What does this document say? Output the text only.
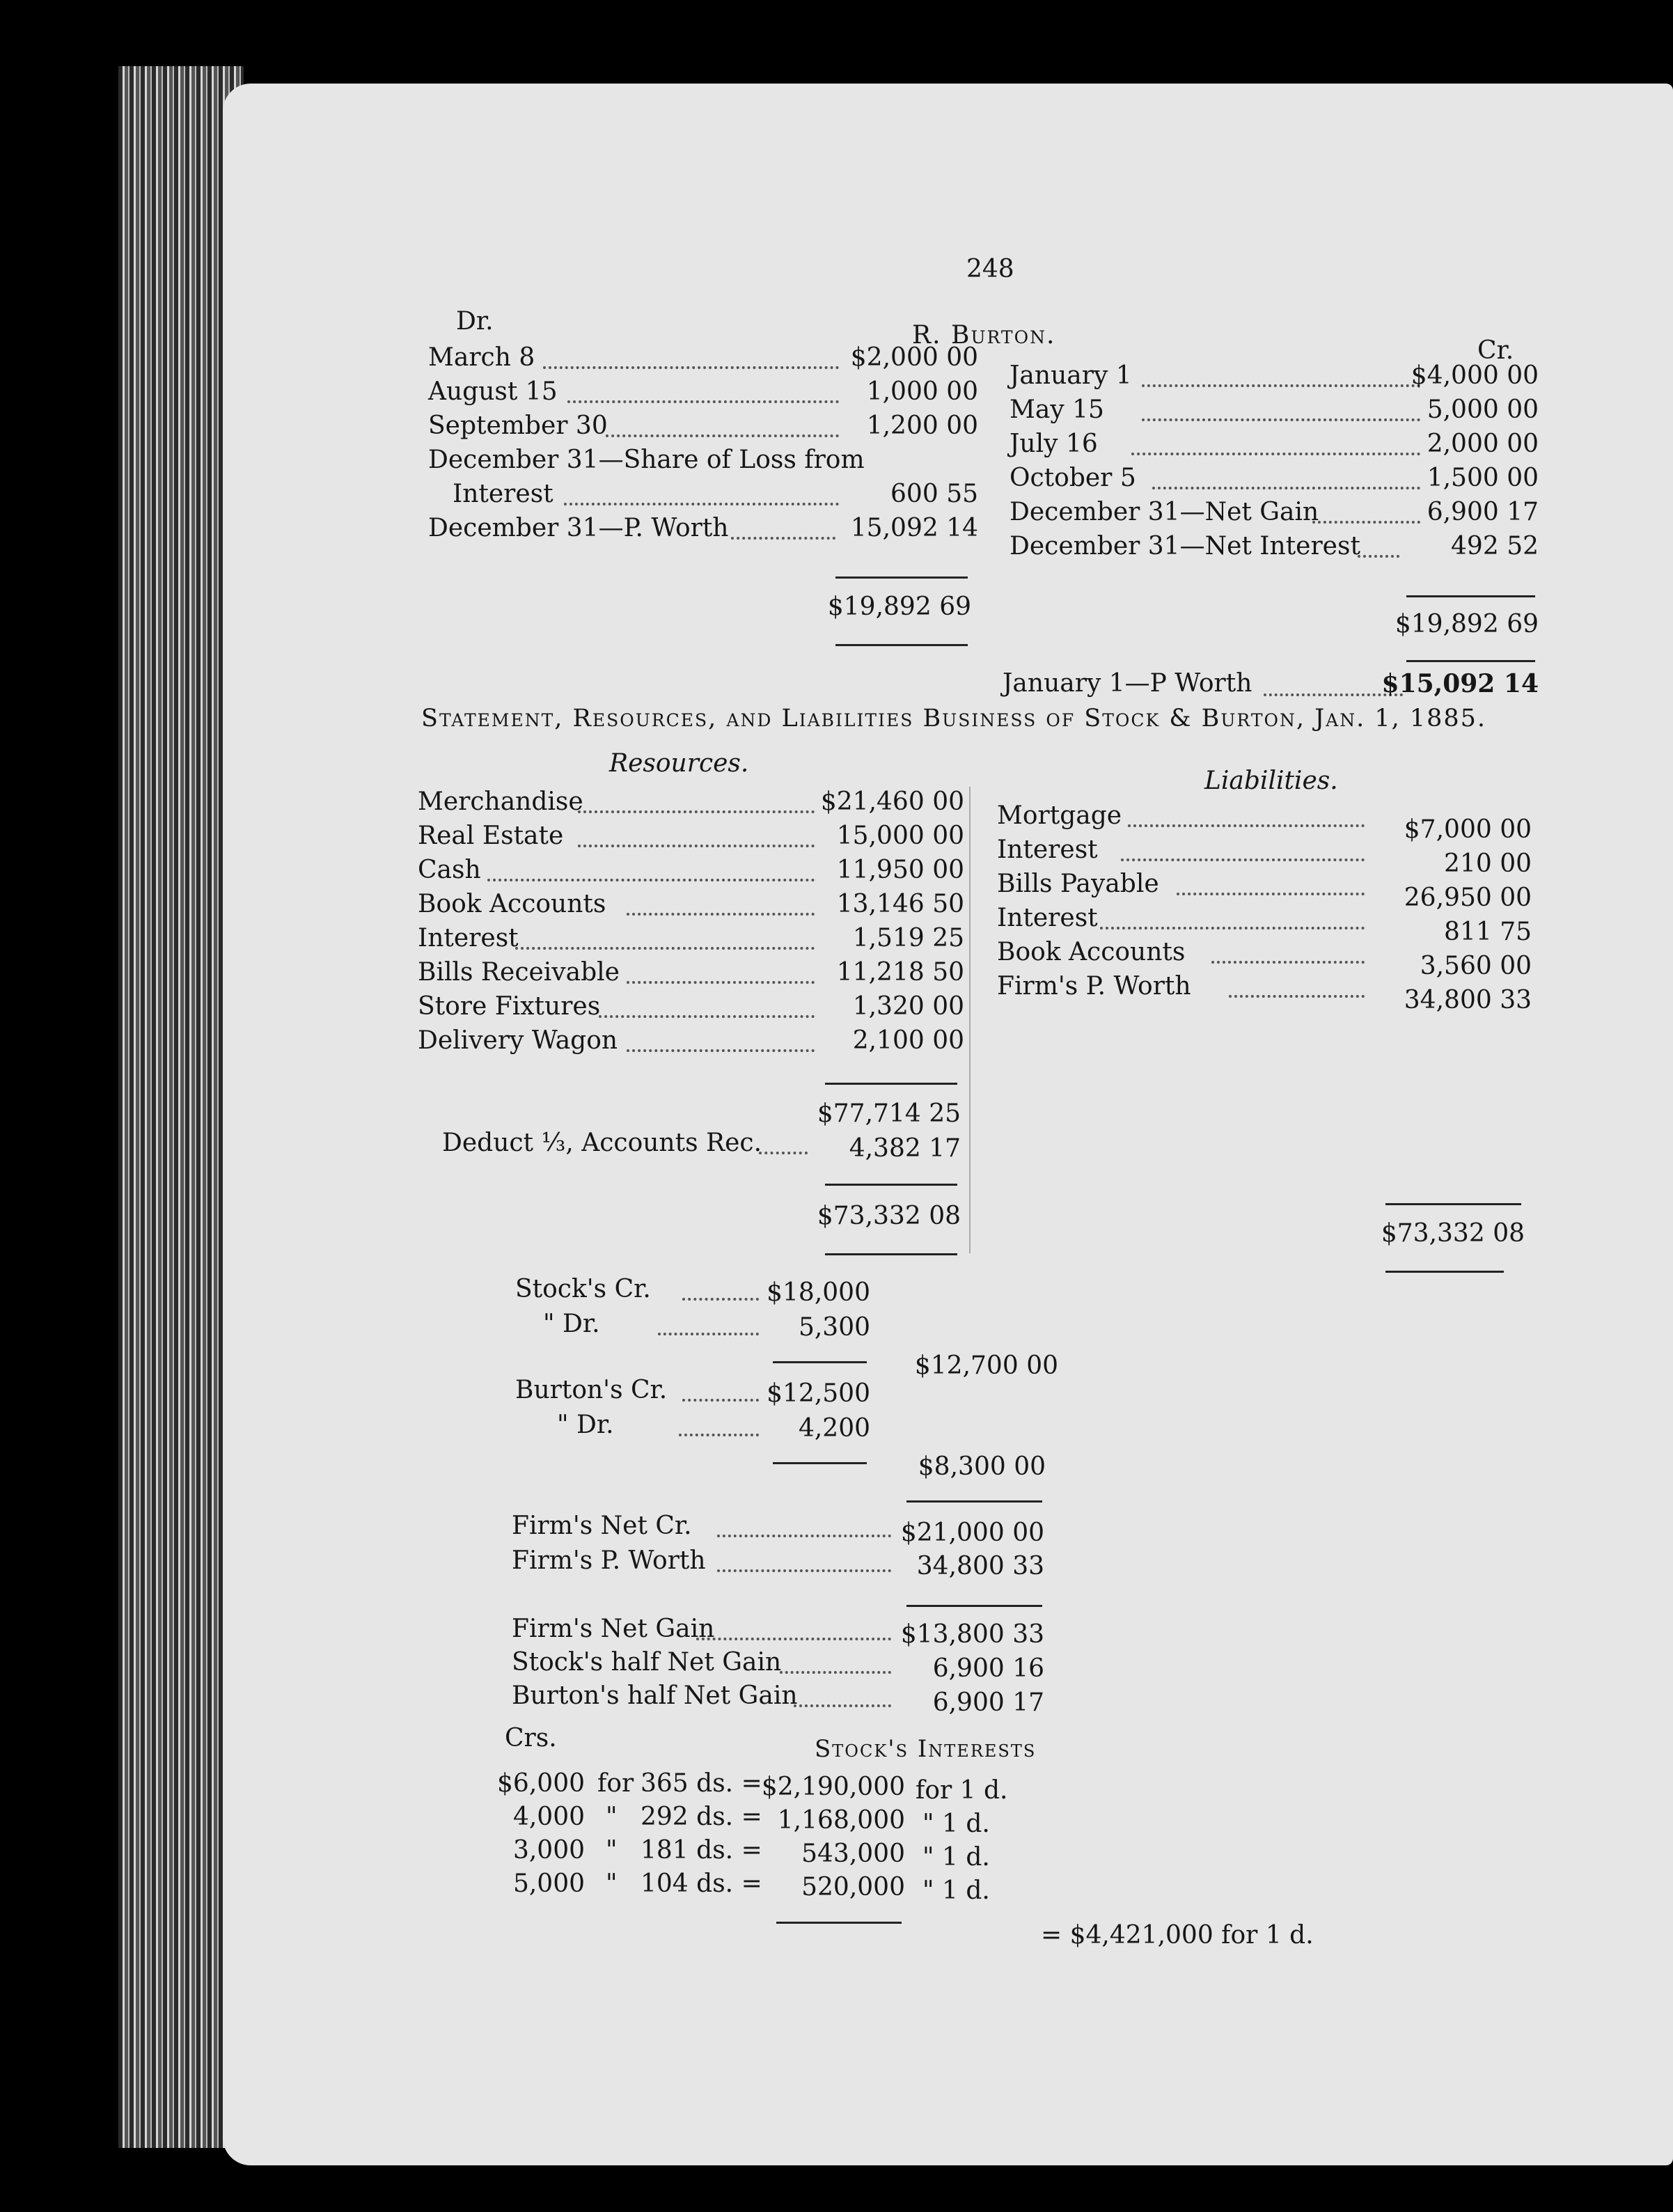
248
Dr.	R. Burton.
Cr.
March 8	$2,000 00
August 15	1,000 00
September 30	1,200 00
December 31—Share of Loss from
Interest	600 55
December 31—P. Worth	15,092 14
$19,892 69
January 1	$4,000 00
May 15	5,000 00
July 16	2,000 00
October 5	1,500 00
December 31—Net Gain	6,900 17
December 31—Net Interest	492 52
$19,892 69
January 1—P Worth	$15,092 14
Statement, Resources, and Liabilities Business of Stock & Burton, Jan. 1, 1885.
Resources.
Liabilities.
Merchandise	$21,460 00
Real Estate	15,000 00
Cash	11,950 00
Book Accounts	13,146 50
Interest	1,519 25
Bills Receivable	11,218 50
Store Fixtures	1,320 00
Delivery Wagon	2,100 00
$77,714 25
Deduct ⅓, Accounts Rec.	4,382 17
$73,332 08
Mortgage	$7,000 00
Interest	210 00
Bills Payable	26,950 00
Interest	811 75
Book Accounts	3,560 00
Firm's P. Worth	34,800 33
$73,332 08
Stock's Cr.	$18,000
" Dr.	5,300
$12,700 00
Burton's Cr.	$12,500
" Dr.	4,200
$8,300 00
Firm's Net Cr.	$21,000 00
Firm's P. Worth	34,800 33
Firm's Net Gain	$13,800 33
Stock's half Net Gain	6,900 16
Burton's half Net Gain	6,900 17
Crs.	Stock's Interests
$6,000 for 365 ds. = $2,190,000 for 1 d.
4,000 " 292 ds. = 1,168,000 " 1 d.
3,000 " 181 ds. =	543,000 " 1 d.
5,000 " 104 ds. =	520,000 " 1 d.
= $4,421,000 for 1 d.
